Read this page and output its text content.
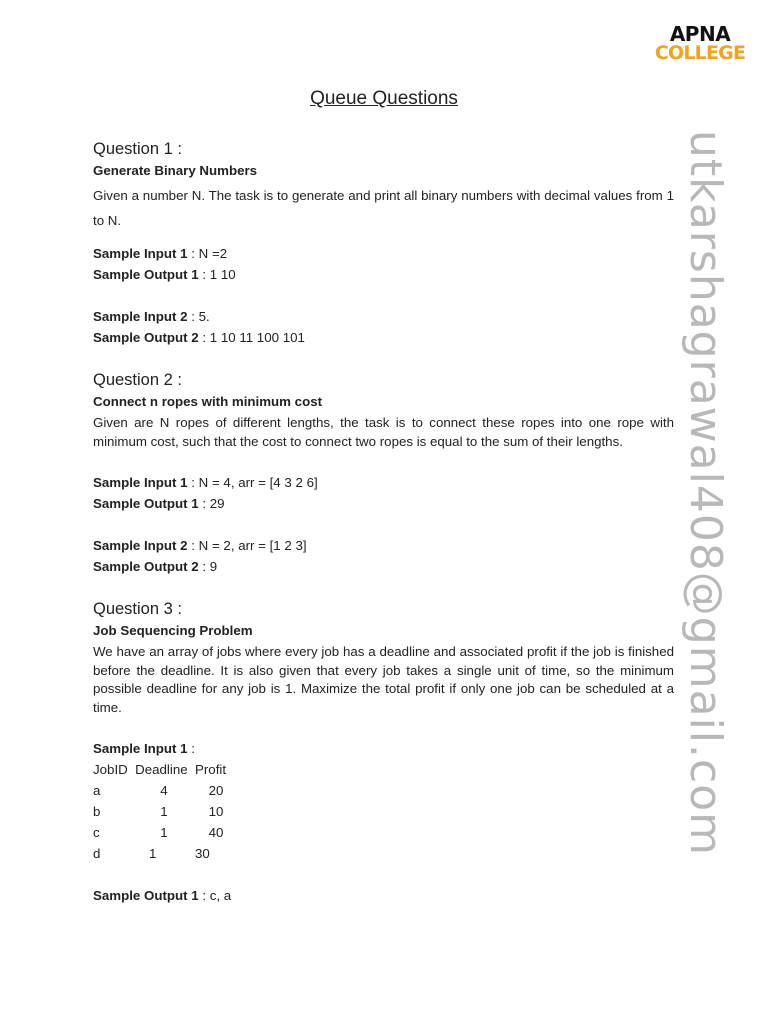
APNA
COLLEGE
utkarshagrawal408@gmail.com
Queue Questions

Question 1 :

Generate Binary Numbers

Given a number N. The task is to generate and print all binary numbers with decimal values from 1 to N.

Sample Input 1 : N =2

Sample Output 1 : 1 10

Sample Input 2 : 5.

Sample Output 2 : 1 10 11 100 101

Question 2 :

Connect n ropes with minimum cost

Given are N ropes of different lengths, the task is to connect these ropes into one rope with minimum cost, such that the cost to connect two ropes is equal to the sum of their lengths.

Sample Input 1 : N = 4, arr = [4 3 2 6]

Sample Output 1 : 29

Sample Input 2 : N = 2, arr = [1 2 3]

Sample Output 2 : 9

Question 3 :

Job Sequencing Problem

We have an array of jobs where every job has a deadline and associated profit if the job is finished before the deadline. It is also given that every job takes a single unit of time, so the minimum possible deadline for any job is 1. Maximize the total profit if only one job can be scheduled at a time.

Sample Input 1 :

JobID  Deadline  Profit

a	4	20
b	1	10
c	1	40
d	1	30

Sample Output 1 : c, a
